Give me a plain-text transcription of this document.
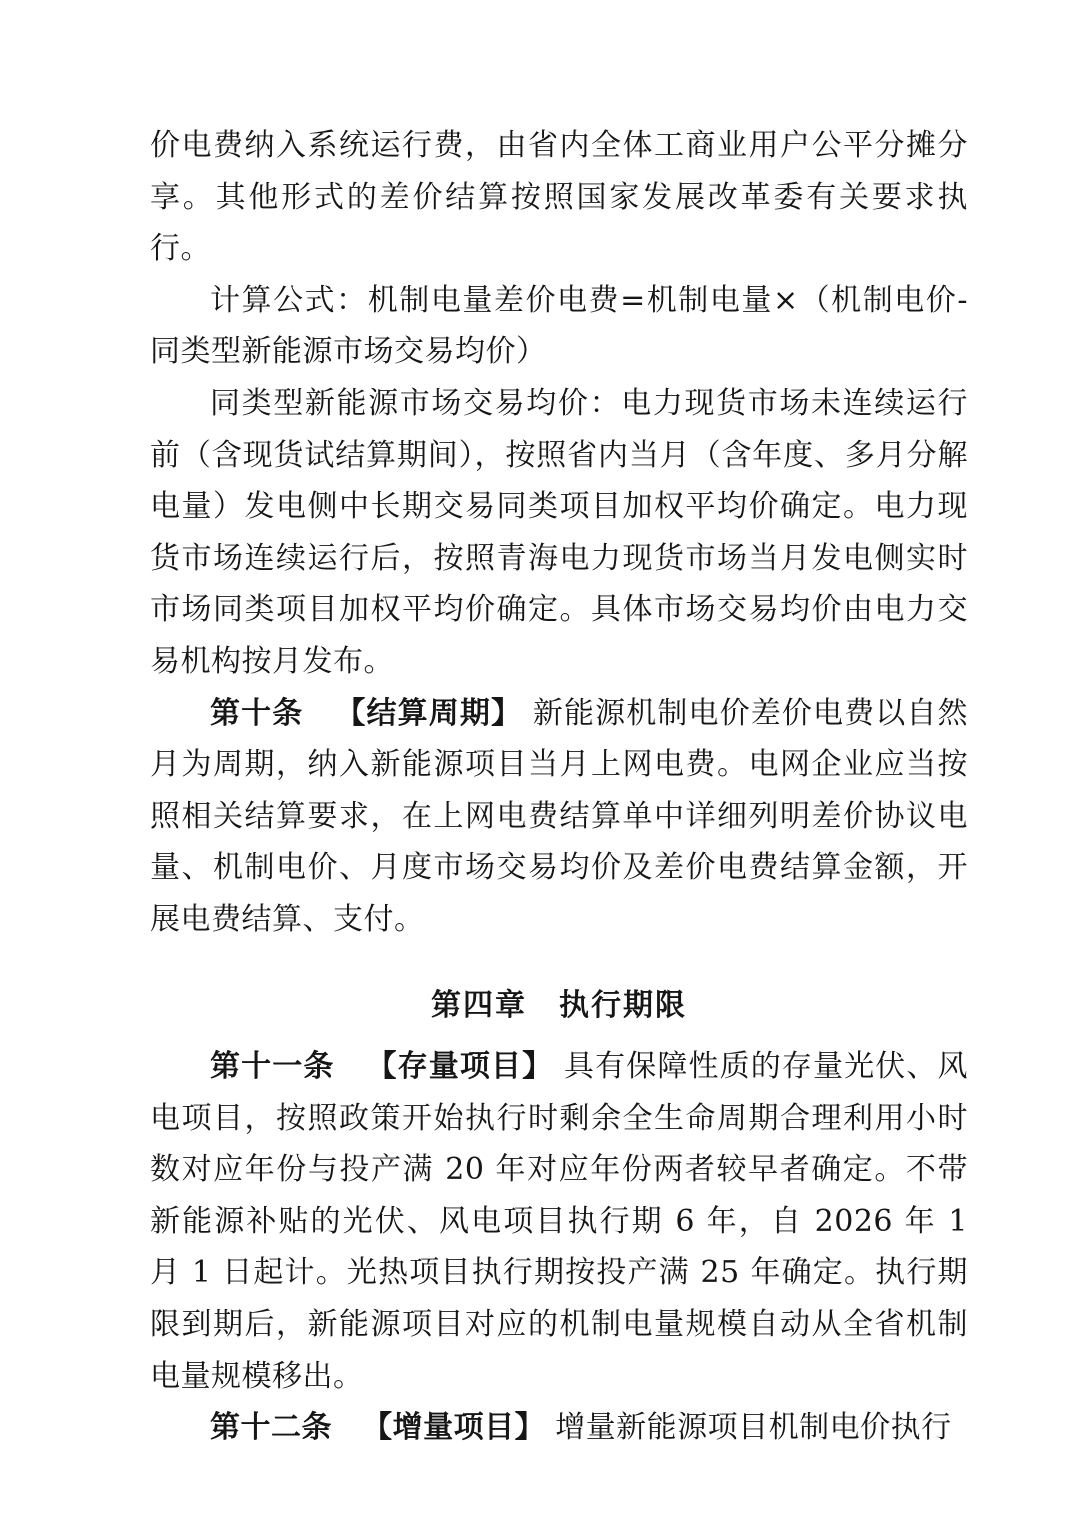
价电费纳入系统运行费，由省内全体工商业用户公平分摊分享。其他形式的差价结算按照国家发展改革委有关要求执行。

计算公式：机制电量差价电费=机制电量×（机制电价-同类型新能源市场交易均价）

同类型新能源市场交易均价：电力现货市场未连续运行前（含现货试结算期间），按照省内当月（含年度、多月分解电量）发电侧中长期交易同类项目加权平均价确定。电力现货市场连续运行后，按照青海电力现货市场当月发电侧实时市场同类项目加权平均价确定。具体市场交易均价由电力交易机构按月发布。

第十条 【结算周期】 新能源机制电价差价电费以自然月为周期，纳入新能源项目当月上网电费。电网企业应当按照相关结算要求，在上网电费结算单中详细列明差价协议电量、机制电价、月度市场交易均价及差价电费结算金额，开展电费结算、支付。

第四章　执行期限

第十一条 【存量项目】 具有保障性质的存量光伏、风电项目，按照政策开始执行时剩余全生命周期合理利用小时数对应年份与投产满 20 年对应年份两者较早者确定。不带新能源补贴的光伏、风电项目执行期 6 年，自 2026 年 1 月 1 日起计。光热项目执行期按投产满 25 年确定。执行期限到期后，新能源项目对应的机制电量规模自动从全省机制电量规模移出。

第十二条 【增量项目】 增量新能源项目机制电价执行
